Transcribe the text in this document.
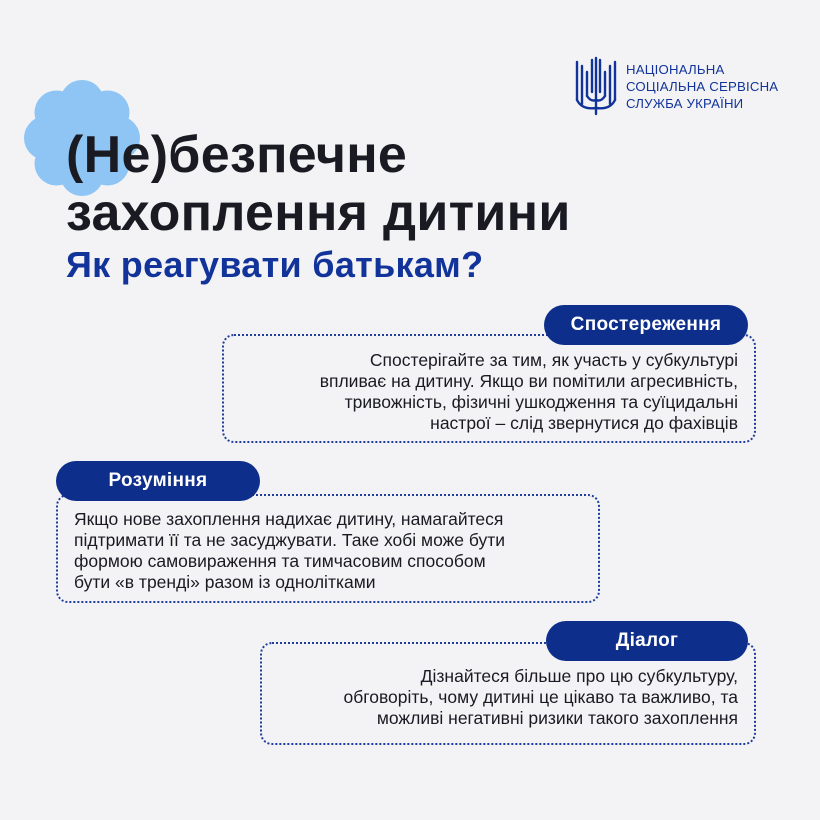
НАЦІОНАЛЬНА
СОЦІАЛЬНА СЕРВІСНА
СЛУЖБА УКРАЇНИ
(Не)безпечне
захоплення дитини
Як реагувати батькам?
Спостереження

Спостерігайте за тим, як участь у субкультурі

впливає на дитину. Якщо ви помітили агресивність,

тривожність, фізичні ушкодження та суїцидальні

настрої – слід звернутися до фахівців

Розуміння

Якщо нове захоплення надихає дитину, намагайтеся

підтримати її та не засуджувати. Таке хобі може бути

формою самовираження та тимчасовим способом

бути «в тренді» разом із однолітками

Діалог

Дізнайтеся більше про цю субкультуру,

обговоріть, чому дитині це цікаво та важливо, та

можливі негативні ризики такого захоплення
